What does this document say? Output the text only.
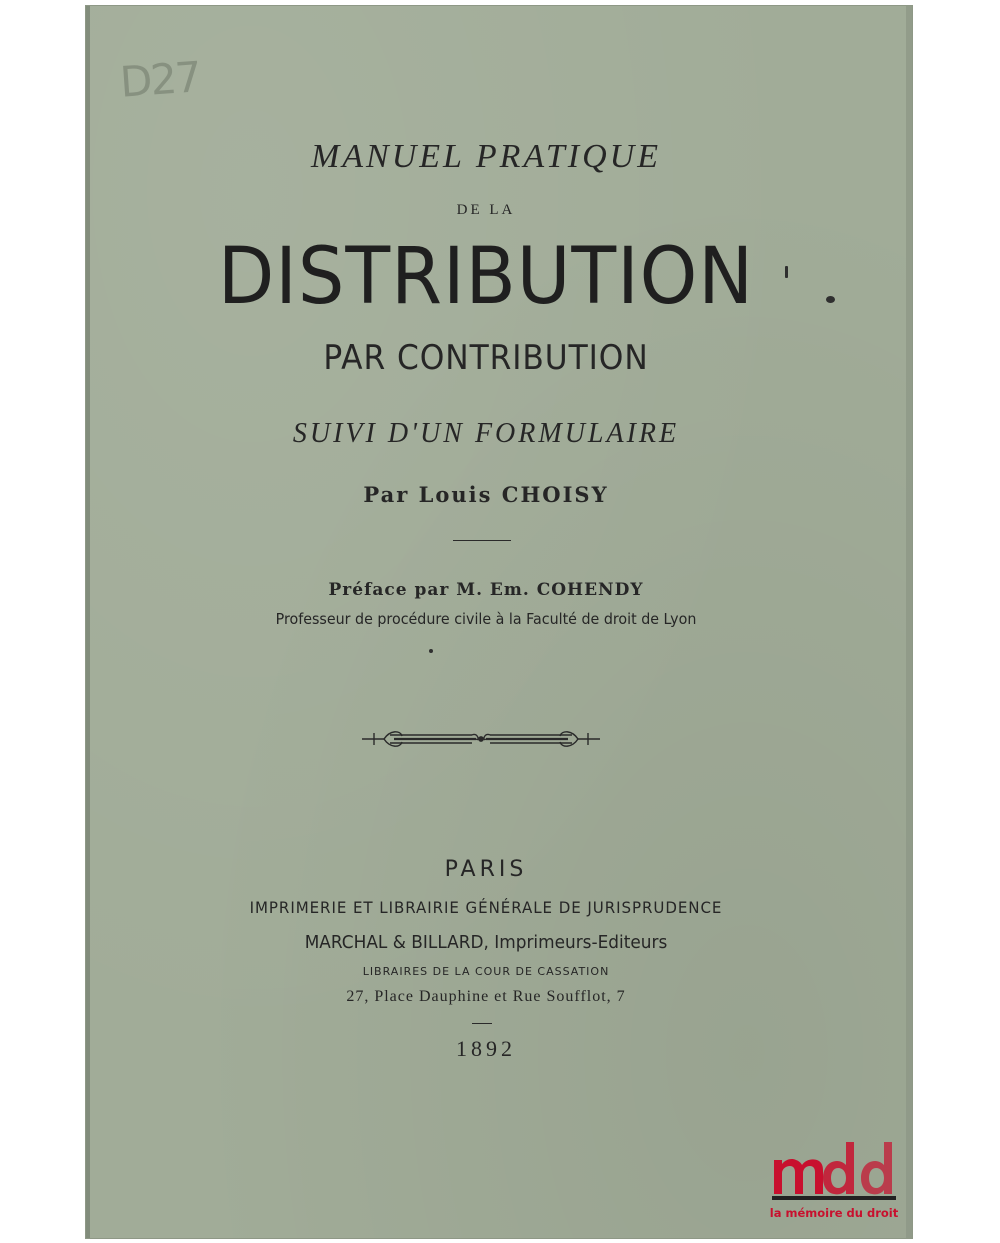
D27
MANUEL PRATIQUE
DE LA
DISTRIBUTION
PAR CONTRIBUTION
SUIVI D'UN FORMULAIRE
Par Louis CHOISY
Préface par M. Em. COHENDY
Professeur de procédure civile à la Faculté de droit de Lyon
PARIS
IMPRIMERIE ET LIBRAIRIE GÉNÉRALE DE JURISPRUDENCE
MARCHAL & BILLARD, Imprimeurs-Editeurs
LIBRAIRES DE LA COUR DE CASSATION
27, Place Dauphine et Rue Soufflot, 7
1892
la mémoire du droit
